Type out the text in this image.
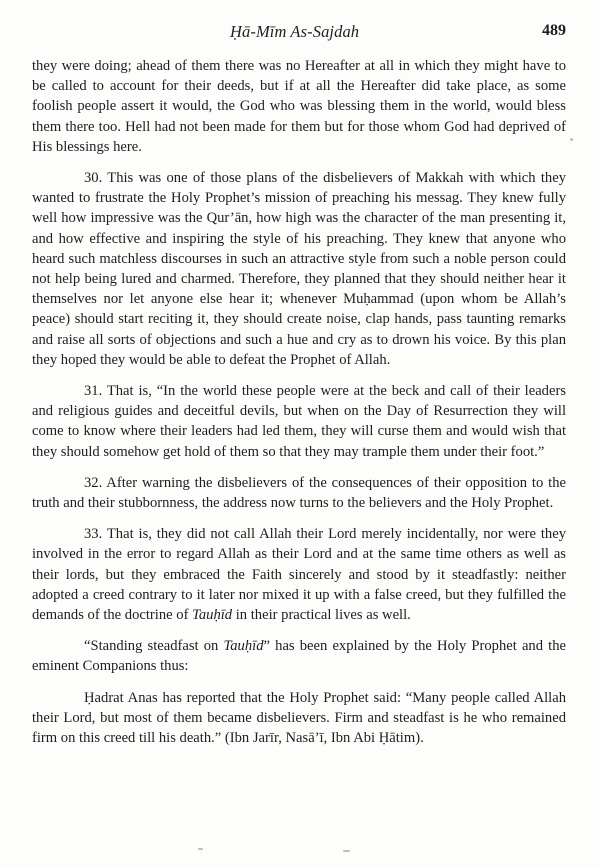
Ḥā-Mīm As-Sajdah	489

they were doing; ahead of them there was no Hereafter at all in which they might have to be called to account for their deeds, but if at all the Hereafter did take place, as some foolish people assert it would, the God who was blessing them in the world, would bless them there too. Hell had not been made for them but for those whom God had deprived of His blessings here.

30. This was one of those plans of the disbelievers of Makkah with which they wanted to frustrate the Holy Prophet’s mission of preaching his messag. They knew fully well how impressive was the Qur’ān, how high was the character of the man presenting it, and how effective and inspiring the style of his preaching. They knew that anyone who heard such matchless discourses in such an attractive style from such a noble person could not help being lured and charmed. Therefore, they planned that they should neither hear it themselves nor let anyone else hear it; whenever Muḥammad (upon whom be Allah’s peace) should start reciting it, they should create noise, clap hands, pass taunting remarks and raise all sorts of objections and such a hue and cry as to drown his voice. By this plan they hoped they would be able to defeat the Prophet of Allah.

31. That is, “In the world these people were at the beck and call of their leaders and religious guides and deceitful devils, but when on the Day of Resurrection they will come to know where their leaders had led them, they will curse them and would wish that they should somehow get hold of them so that they may trample them under their foot.”

32. After warning the disbelievers of the consequences of their opposition to the truth and their stubbornness, the address now turns to the believers and the Holy Prophet.

33. That is, they did not call Allah their Lord merely incidentally, nor were they involved in the error to regard Allah as their Lord and at the same time others as well as their lords, but they embraced the Faith sincerely and stood by it steadfastly: neither adopted a creed contrary to it later nor mixed it up with a false creed, but they fulfilled the demands of the doctrine of Tauḥīd in their practical lives as well.

“Standing steadfast on Tauḥīd” has been explained by the Holy Prophet and the eminent Companions thus:

Ḥadrat Anas has reported that the Holy Prophet said: “Many people called Allah their Lord, but most of them became disbelievers. Firm and steadfast is he who remained firm on this creed till his death.” (Ibn Jarīr, Nasā’ī, Ibn Abi Ḥātim).
